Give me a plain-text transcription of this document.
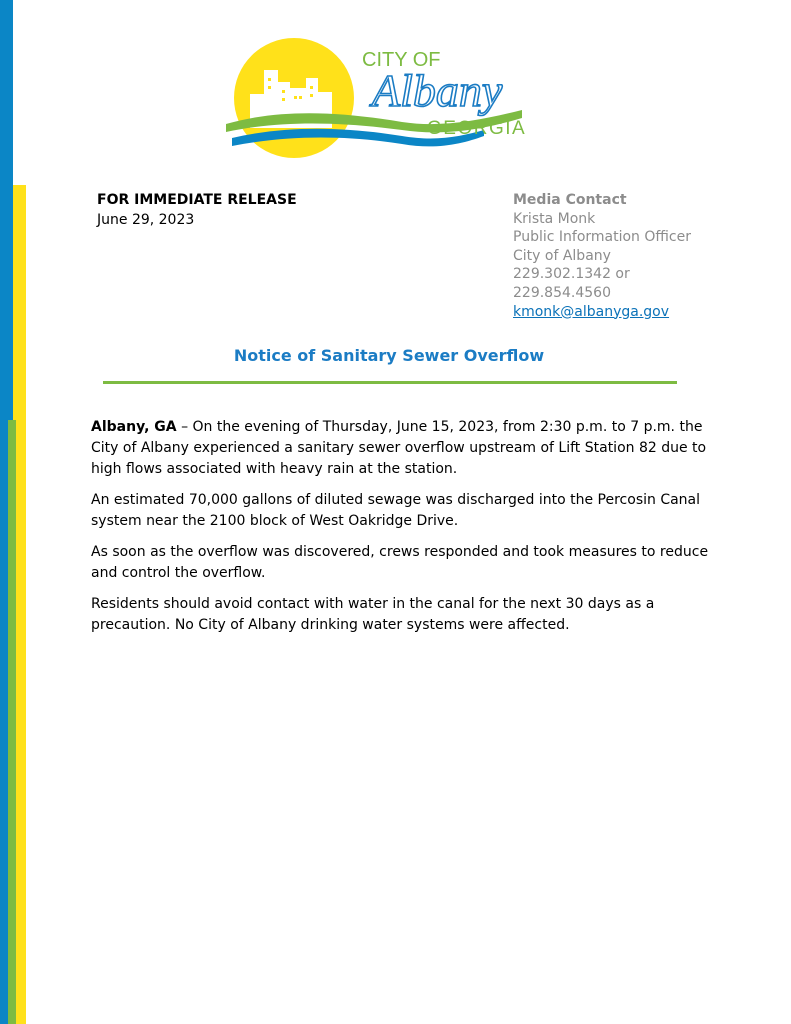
CITY OF
Albany
GEORGIA
FOR IMMEDIATE RELEASE
June 29, 2023
Media Contact
Krista Monk
Public Information Officer
City of Albany
229.302.1342 or
229.854.4560
kmonk@albanyga.gov
Notice of Sanitary Sewer Overflow

Albany, GA – On the evening of Thursday, June 15, 2023, from 2:30 p.m. to 7 p.m. the City of Albany experienced a sanitary sewer overflow upstream of Lift Station 82 due to high flows associated with heavy rain at the station.

An estimated 70,000 gallons of diluted sewage was discharged into the Percosin Canal system near the 2100 block of West Oakridge Drive.

As soon as the overflow was discovered, crews responded and took measures to reduce and control the overflow.

Residents should avoid contact with water in the canal for the next 30 days as a precaution. No City of Albany drinking water systems were affected.
